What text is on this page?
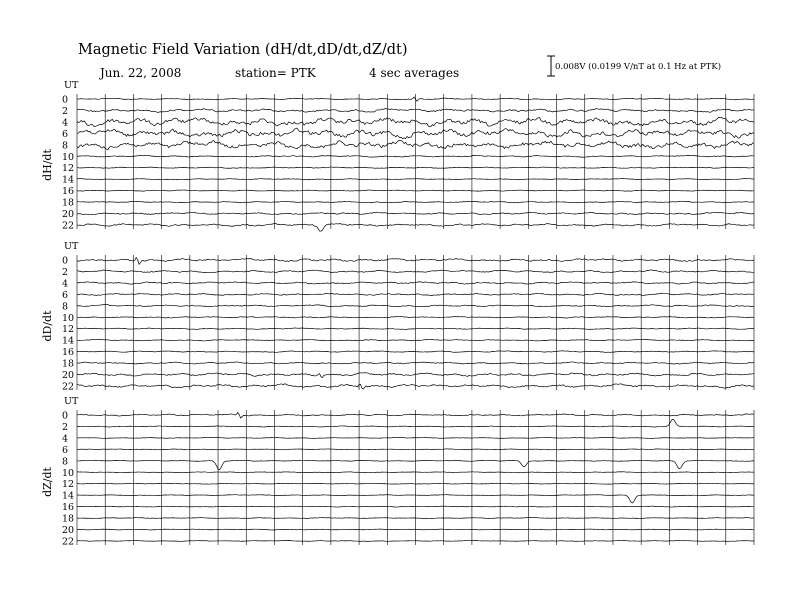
Magnetic Field Variation (dH/dt,dD/dt,dZ/dt)
Jun. 22, 2008	station= PTK	4 sec averages	0.008V (0.0199 V/nT at 0.1 Hz at PTK)
UT
dH/dt
0
2
4
6
8
10
12
14
16
18
20
22
UT
dD/dt
0
2
4
6
8
10
12
14
16
18
20
22
UT
dZ/dt
0
2
4
6
8
10
12
14
16
18
20
22
